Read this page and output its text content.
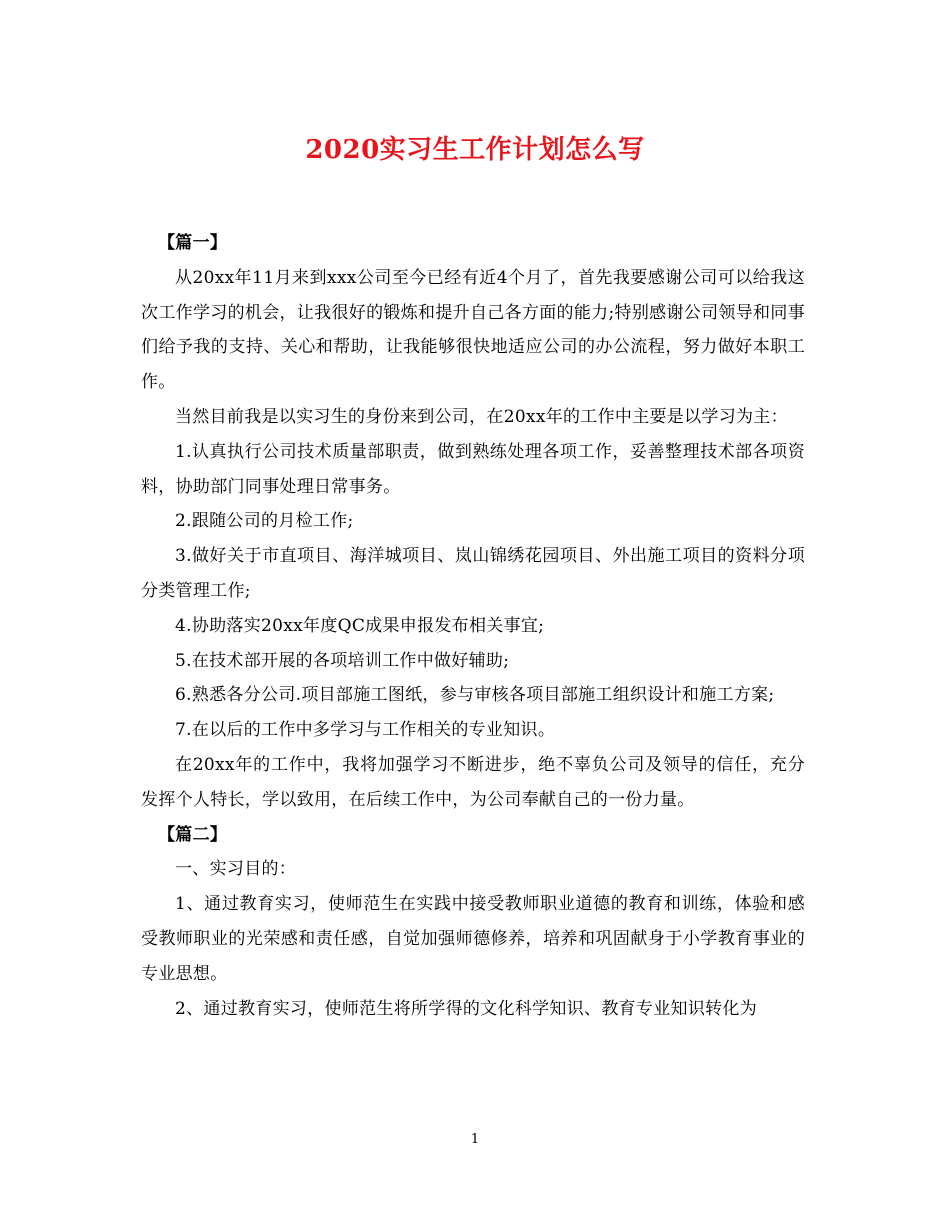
2020实习生工作计划怎么写

【篇一】

从20xx年11月来到xxx公司至今已经有近4个月了，首先我要感谢公司可以给我这次工作学习的机会，让我很好的锻炼和提升自己各方面的能力;特别感谢公司领导和同事们给予我的支持、关心和帮助，让我能够很快地适应公司的办公流程，努力做好本职工作。

当然目前我是以实习生的身份来到公司，在20xx年的工作中主要是以学习为主：

1.认真执行公司技术质量部职责，做到熟练处理各项工作，妥善整理技术部各项资料，协助部门同事处理日常事务。

2.跟随公司的月检工作;

3.做好关于市直项目、海洋城项目、岚山锦绣花园项目、外出施工项目的资料分项分类管理工作;

4.协助落实20xx年度QC成果申报发布相关事宜;

5.在技术部开展的各项培训工作中做好辅助;

6.熟悉各分公司.项目部施工图纸，参与审核各项目部施工组织设计和施工方案;

7.在以后的工作中多学习与工作相关的专业知识。

在20xx年的工作中，我将加强学习不断进步，绝不辜负公司及领导的信任，充分发挥个人特长，学以致用，在后续工作中，为公司奉献自己的一份力量。

【篇二】

一、实习目的：

1、通过教育实习，使师范生在实践中接受教师职业道德的教育和训练，体验和感受教师职业的光荣感和责任感，自觉加强师德修养，培养和巩固献身于小学教育事业的专业思想。

2、通过教育实习，使师范生将所学得的文化科学知识、教育专业知识转化为

1
